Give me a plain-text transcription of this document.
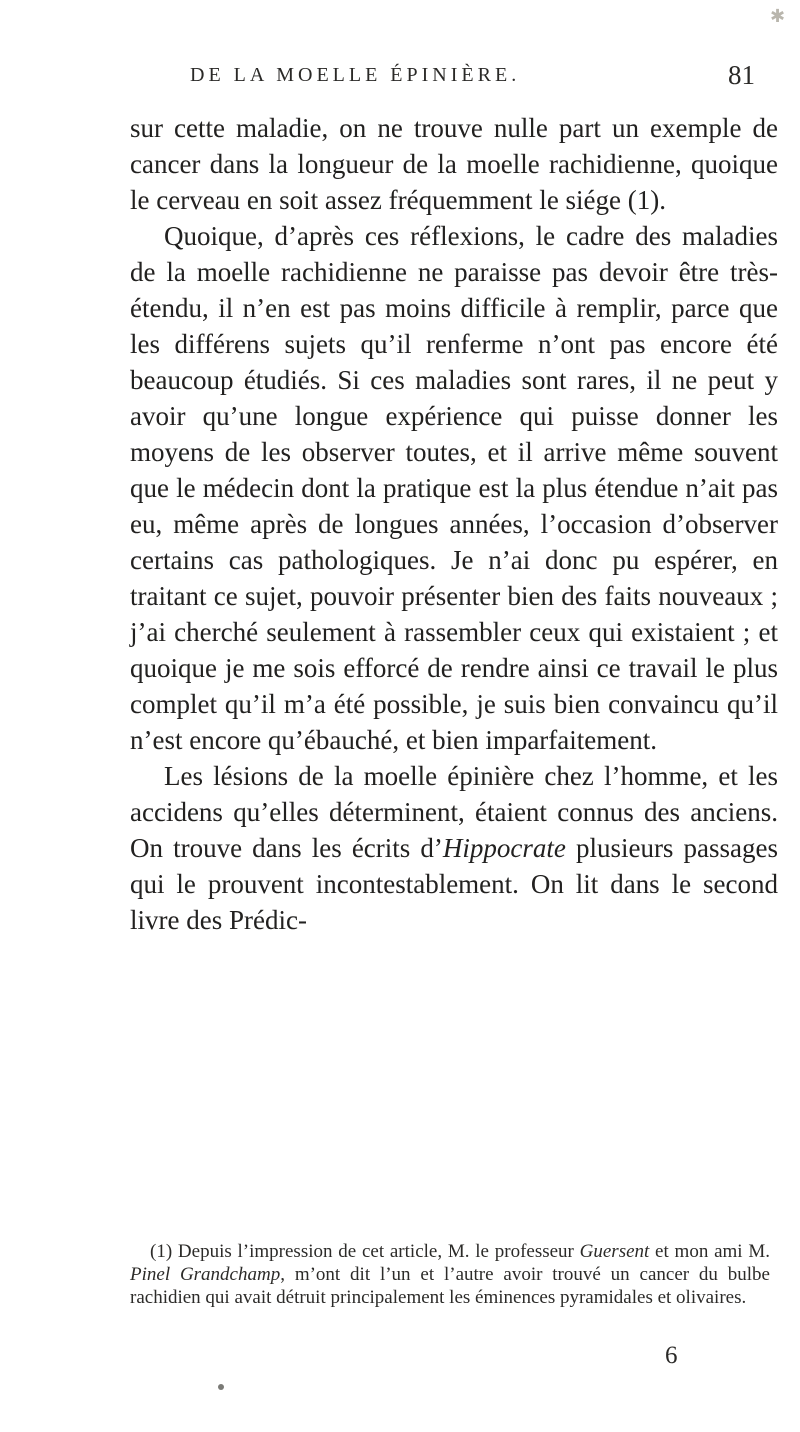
✱
DE LA MOELLE ÉPINIÈRE.	81

sur cette maladie, on ne trouve nulle part un exemple de cancer dans la longueur de la moelle rachidienne, quoique le cerveau en soit assez fréquemment le siége (1).

Quoique, d’après ces réflexions, le cadre des maladies de la moelle rachidienne ne paraisse pas devoir être très-étendu, il n’en est pas moins difficile à remplir, parce que les différens sujets qu’il renferme n’ont pas encore été beaucoup étudiés. Si ces maladies sont rares, il ne peut y avoir qu’une longue expérience qui puisse donner les moyens de les observer toutes, et il arrive même souvent que le médecin dont la pratique est la plus étendue n’ait pas eu, même après de longues années, l’occasion d’observer certains cas pathologiques. Je n’ai donc pu espérer, en traitant ce sujet, pouvoir présenter bien des faits nouveaux ; j’ai cherché seulement à rassembler ceux qui existaient ; et quoique je me sois efforcé de rendre ainsi ce travail le plus complet qu’il m’a été possible, je suis bien convaincu qu’il n’est encore qu’ébauché, et bien imparfaitement.

Les lésions de la moelle épinière chez l’homme, et les accidens qu’elles déterminent, étaient connus des anciens. On trouve dans les écrits d’Hippocrate plusieurs passages qui le prouvent incontestablement. On lit dans le second livre des Prédic-

(1) Depuis l’impression de cet article, M. le professeur Guersent et mon ami M. Pinel Grandchamp, m’ont dit l’un et l’autre avoir trouvé un cancer du bulbe rachidien qui avait détruit principalement les éminences pyramidales et olivaires.

6
